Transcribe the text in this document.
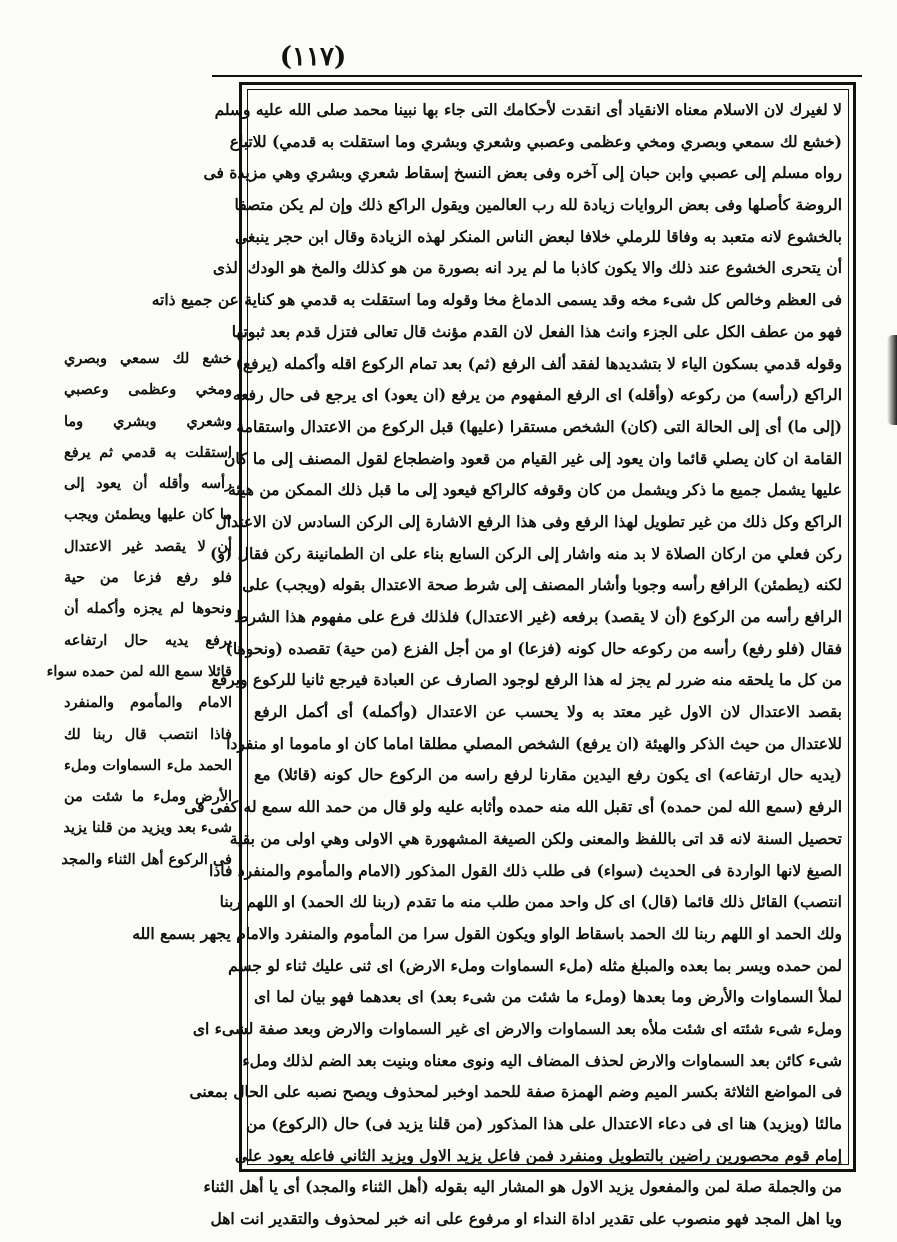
(١١٧)
لا لغيرك لان الاسلام معناه الانقياد أى انقدت لأحكامك التى جاء بها نبينا محمد صلى الله عليه وسلم
(خشع لك سمعي وبصري ومخي وعظمى وعصبي وشعري وبشري وما استقلت به قدمي) للاتباع
رواه مسلم إلى عصبي وابن حبان إلى آخره وفى بعض النسخ إسقاط شعري وبشري وهي مزيدة فى
الروضة كأصلها وفى بعض الروايات زيادة لله رب العالمين ويقول الراكع ذلك وإن لم يكن متصفا
بالخشوع لانه متعبد به وفاقا للرملي خلافا لبعض الناس المنكر لهذه الزيادة وقال ابن حجر ينبغى
أن يتحرى الخشوع عند ذلك والا يكون كاذبا ما لم يرد انه بصورة من هو كذلك والمخ هو الودك الذى
فى العظم وخالص كل شىء مخه وقد يسمى الدماغ مخا وقوله وما استقلت به قدمي هو كناية عن جميع ذاته
فهو من عطف الكل على الجزء وانث هذا الفعل لان القدم مؤنث قال تعالى فتزل قدم بعد ثبوتها
وقوله قدمي بسكون الياء لا بتشديدها لفقد ألف الرفع (ثم) بعد تمام الركوع اقله وأكمله (يرفع)
الراكع (رأسه) من ركوعه (وأقله) اى الرفع المفهوم من يرفع (ان يعود) اى يرجع فى حال رفعه
(إلى ما) أى إلى الحالة التى (كان) الشخص مستقرا (عليها) قبل الركوع من الاعتدال واستقامة
القامة ان كان يصلي قائما وان يعود إلى غير القيام من قعود واضطجاع لقول المصنف إلى ما كان
عليها يشمل جميع ما ذكر ويشمل من كان وقوفه كالراكع فيعود إلى ما قبل ذلك الممكن من هيئة
الراكع وكل ذلك من غير تطويل لهذا الرفع وفى هذا الرفع الاشارة إلى الركن السادس لان الاعتدال
ركن فعلي من اركان الصلاة لا بد منه واشار إلى الركن السابع بناء على ان الطمانينة ركن فقال (و)
لكنه (يطمئن) الرافع رأسه وجوبا وأشار المصنف إلى شرط صحة الاعتدال بقوله (ويجب) على
الرافع رأسه من الركوع (أن لا يقصد) برفعه (غير الاعتدال) فلذلك فرع على مفهوم هذا الشرط
فقال (فلو رفع) رأسه من ركوعه حال كونه (فزعا) او من أجل الفزع (من حية) تقصده (ونحوها)
من كل ما يلحقه منه ضرر لم يجز له هذا الرفع لوجود الصارف عن العبادة فيرجع ثانيا للركوع ويرفع
بقصد الاعتدال لان الاول غير معتد به ولا يحسب عن الاعتدال (وأكمله) أى أكمل الرفع
للاعتدال من حيث الذكر والهيئة (ان يرفع) الشخص المصلي مطلقا اماما كان او ماموما او منفردا
(يديه حال ارتفاعه) اى يكون رفع اليدين مقارنا لرفع راسه من الركوع حال كونه (قائلا) مع
الرفع (سمع الله لمن حمده) أى تقبل الله منه حمده وأثابه عليه ولو قال من حمد الله سمع له كفى فى
تحصيل السنة لانه قد اتى باللفظ والمعنى ولكن الصيغة المشهورة هي الاولى وهي اولى من بقية
الصيغ لانها الواردة فى الحديث (سواء) فى طلب ذلك القول المذكور (الامام والمأموم والمنفرد فاذا
انتصب) القائل ذلك قائما (قال) اى كل واحد ممن طلب منه ما تقدم (ربنا لك الحمد) او اللهم ربنا
ولك الحمد او اللهم ربنا لك الحمد باسقاط الواو ويكون القول سرا من المأموم والمنفرد والامام يجهر بسمع الله
لمن حمده ويسر بما بعده والمبلغ مثله (ملء السماوات وملء الارض) اى ثنى عليك ثناء لو جسم
لملأ السماوات والأرض وما بعدها (وملء ما شئت من شىء بعد) اى بعدهما فهو بيان لما اى
وملء شىء شئته اى شئت ملأه بعد السماوات والارض اى غير السماوات والارض وبعد صفة لشىء اى
شىء كائن بعد السماوات والارض لحذف المضاف اليه ونوى معناه وبنيت بعد الضم لذلك وملء
فى المواضع الثلاثة بكسر الميم وضم الهمزة صفة للحمد اوخبر لمحذوف ويصح نصبه على الحال بمعنى
مالئا (ويزيد) هنا اى فى دعاء الاعتدال على هذا المذكور (من قلنا يزيد فى) حال (الركوع) من
إمام قوم محصورين راضين بالتطويل ومنفرد فمن فاعل يزيد الاول ويزيد الثاني فاعله يعود على
من والجملة صلة لمن والمفعول يزيد الاول هو المشار اليه بقوله (أهل الثناء والمجد) أى يا أهل الثناء
ويا اهل المجد فهو منصوب على تقدير اداة النداء او مرفوع على انه خبر لمحذوف والتقدير انت اهل
خشع لك سمعي وبصري
ومخي وعظمى وعصبي
وشعري وبشري وما
استقلت به قدمي ثم يرفع
رأسه وأقله أن يعود إلى
ما كان عليها ويطمئن ويجب
أن لا يقصد غير الاعتدال
فلو رفع فزعا من حية
ونحوها لم يجزه وأكمله أن
يرفع يديه حال ارتفاعه
قائلا سمع الله لمن حمده سواء
الامام والمأموم والمنفرد
فاذا انتصب قال ربنا لك
الحمد ملء السماوات وملء
الأرض وملء ما شئت من
شىء بعد ويزيد من قلنا يزيد
فى الركوع أهل الثناء والمجد
